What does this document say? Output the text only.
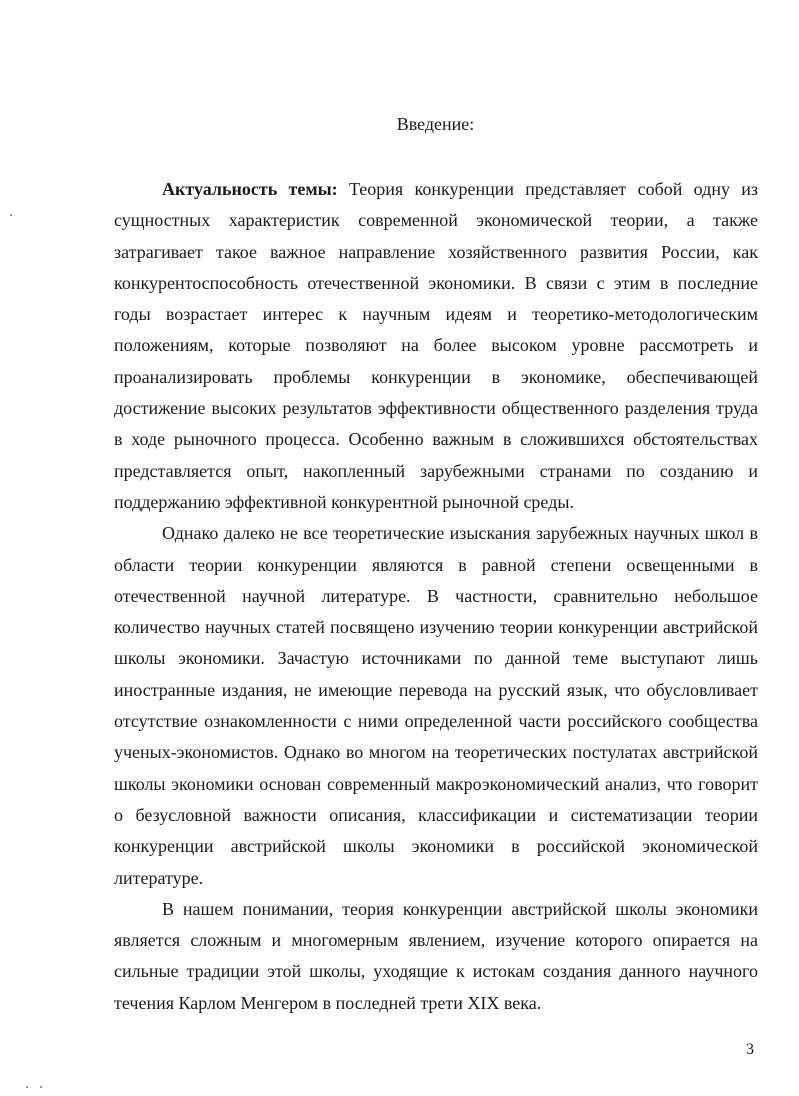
Введение:

Актуальность темы: Теория конкуренции представляет собой одну из сущностных характеристик современной экономической теории, а также затрагивает такое важное направление хозяйственного развития России, как конкурентоспособность отечественной экономики. В связи с этим в последние годы возрастает интерес к научным идеям и теоретико-методологическим положениям, которые позволяют на более высоком уровне рассмотреть и проанализировать проблемы конкуренции в экономике, обеспечивающей достижение высоких результатов эффективности общественного разделения труда в ходе рыночного процесса. Особенно важным в сложившихся обстоятельствах представляется опыт, накопленный зарубежными странами по созданию и поддержанию эффективной конкурентной рыночной среды.

Однако далеко не все теоретические изыскания зарубежных научных школ в области теории конкуренции являются в равной степени освещенными в отечественной научной литературе. В частности, сравнительно небольшое количество научных статей посвящено изучению теории конкуренции австрийской школы экономики. Зачастую источниками по данной теме выступают лишь иностранные издания, не имеющие перевода на русский язык, что обусловливает отсутствие ознакомленности с ними определенной части российского сообщества ученых-экономистов. Однако во многом на теоретических постулатах австрийской школы экономики основан современный макроэкономический анализ, что говорит о безусловной важности описания, классификации и систематизации теории конкуренции австрийской школы экономики в российской экономической литературе.

В нашем понимании, теория конкуренции австрийской школы экономики является сложным и многомерным явлением, изучение которого опирается на сильные традиции этой школы, уходящие к истокам создания данного научного течения Карлом Менгером в последней трети XIX века.

3
